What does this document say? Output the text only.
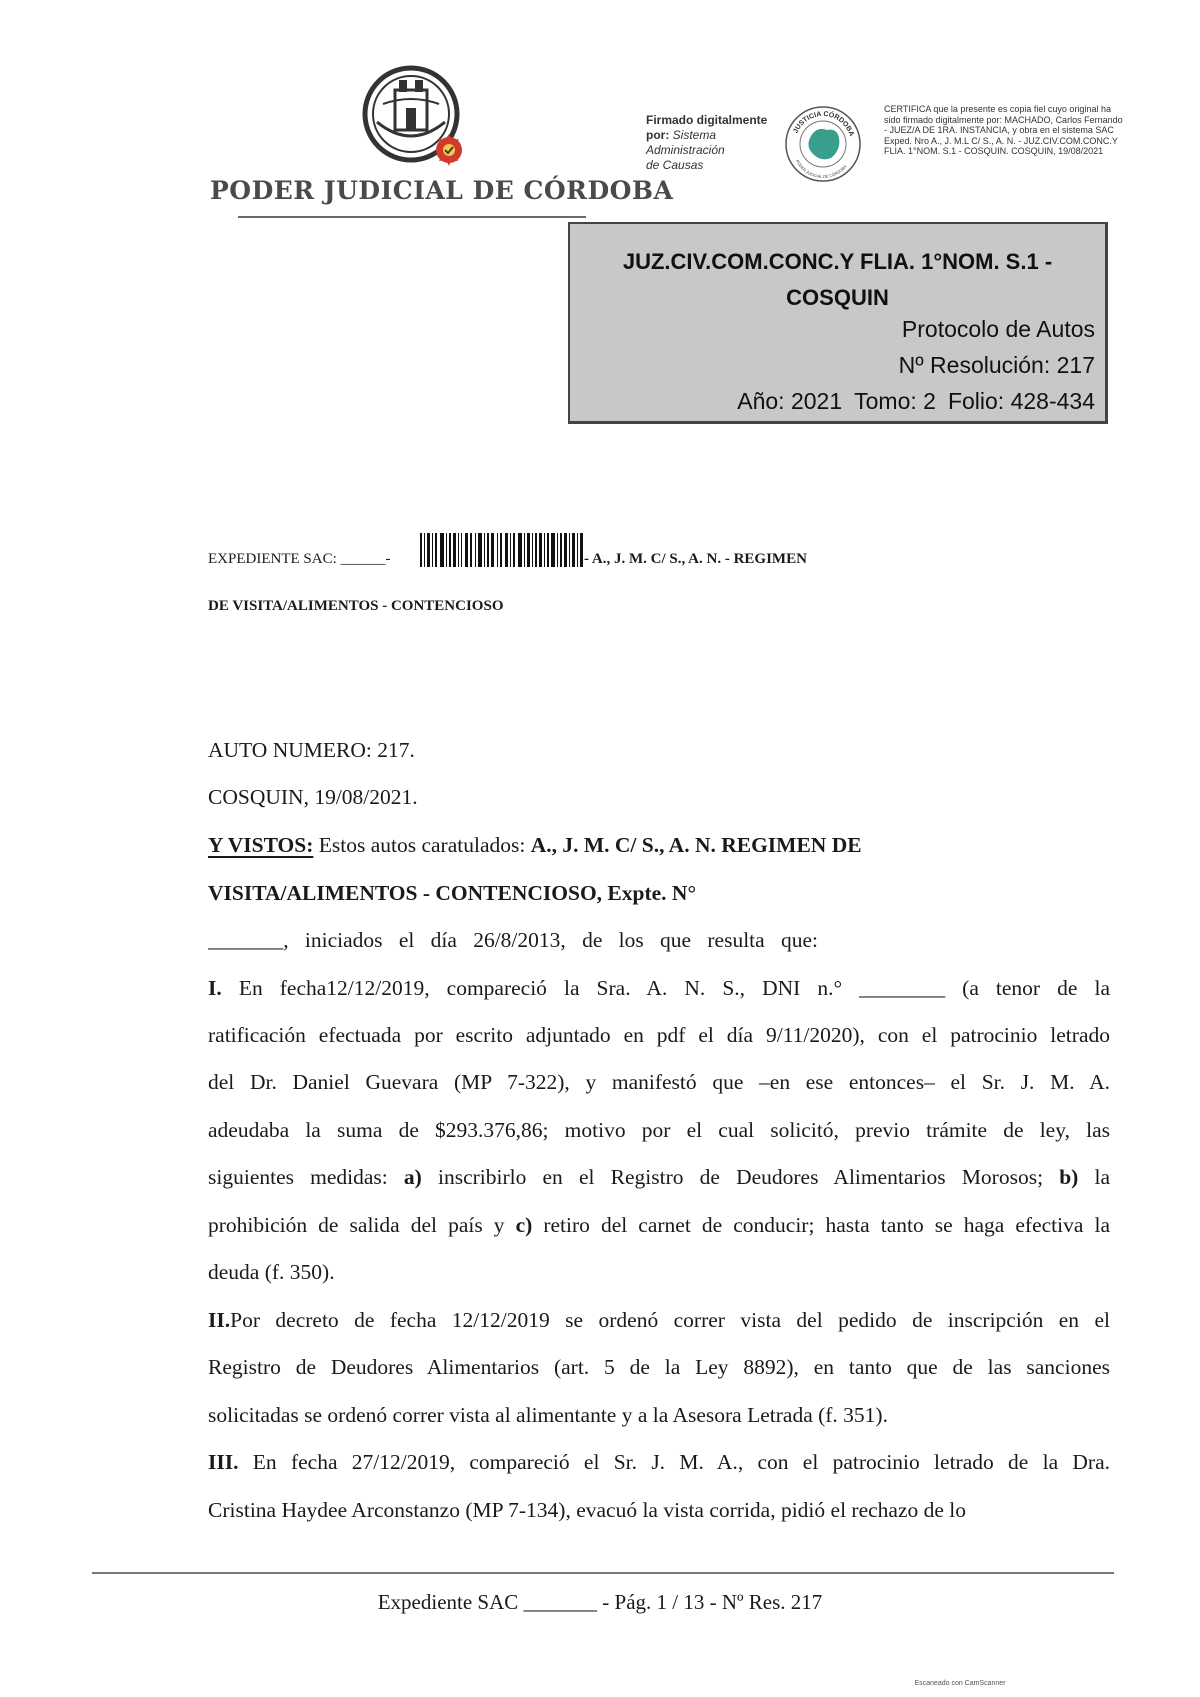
PODER JUDICIAL DE CÓRDOBA
Firmado digitalmente
por: Sistema
Administración
de Causas
JUSTICIA CÓRDOBA
PODER JUDICIAL DE CÓRDOBA
CERTIFICA que la presente es copia fiel cuyo original ha sido firmado digitalmente por: MACHADO, Carlos Fernando - JUEZ/A DE 1RA. INSTANCIA, y obra en el sistema SAC Exped. Nro A., J. M.L C/ S., A. N. - JUZ.CIV.COM.CONC.Y FLIA. 1°NOM. S.1 - COSQUIN. COSQUIN, 19/08/2021
JUZ.CIV.COM.CONC.Y FLIA. 1°NOM. S.1 - COSQUIN
Protocolo de Autos
Nº Resolución: 217
Año: 2021 Tomo: 2 Folio: 428-434
EXPEDIENTE SAC: ______-	- A., J. M. C/ S., A. N. - REGIMEN
DE VISITA/ALIMENTOS - CONTENCIOSO
AUTO NUMERO: 217.
COSQUIN, 19/08/2021.
Y VISTOS: Estos autos caratulados: A., J. M. C/ S., A. N. REGIMEN DE
VISITA/ALIMENTOS - CONTENCIOSO, Expte. N°
_______, iniciados el día 26/8/2013, de los que resulta que:
I. En fecha12/12/2019, compareció la Sra. A. N. S., DNI n.° ________ (a tenor de la
ratificación efectuada por escrito adjuntado en pdf el día 9/11/2020), con el patrocinio letrado
del Dr. Daniel Guevara (MP 7-322), y manifestó que –en ese entonces– el Sr. J. M. A.
adeudaba la suma de $293.376,86; motivo por el cual solicitó, previo trámite de ley, las
siguientes medidas: a) inscribirlo en el Registro de Deudores Alimentarios Morosos; b) la
prohibición de salida del país y c) retiro del carnet de conducir; hasta tanto se haga efectiva la
deuda (f. 350).
II.Por decreto de fecha 12/12/2019 se ordenó correr vista del pedido de inscripción en el
Registro de Deudores Alimentarios (art. 5 de la Ley 8892), en tanto que de las sanciones
solicitadas se ordenó correr vista al alimentante y a la Asesora Letrada (f. 351).
III. En fecha 27/12/2019, compareció el Sr. J. M. A., con el patrocinio letrado de la Dra.
Cristina Haydee Arconstanzo (MP 7-134), evacuó la vista corrida, pidió el rechazo de lo
Expediente SAC _______ - Pág. 1 / 13 - Nº Res. 217
Escaneado con CamScanner
